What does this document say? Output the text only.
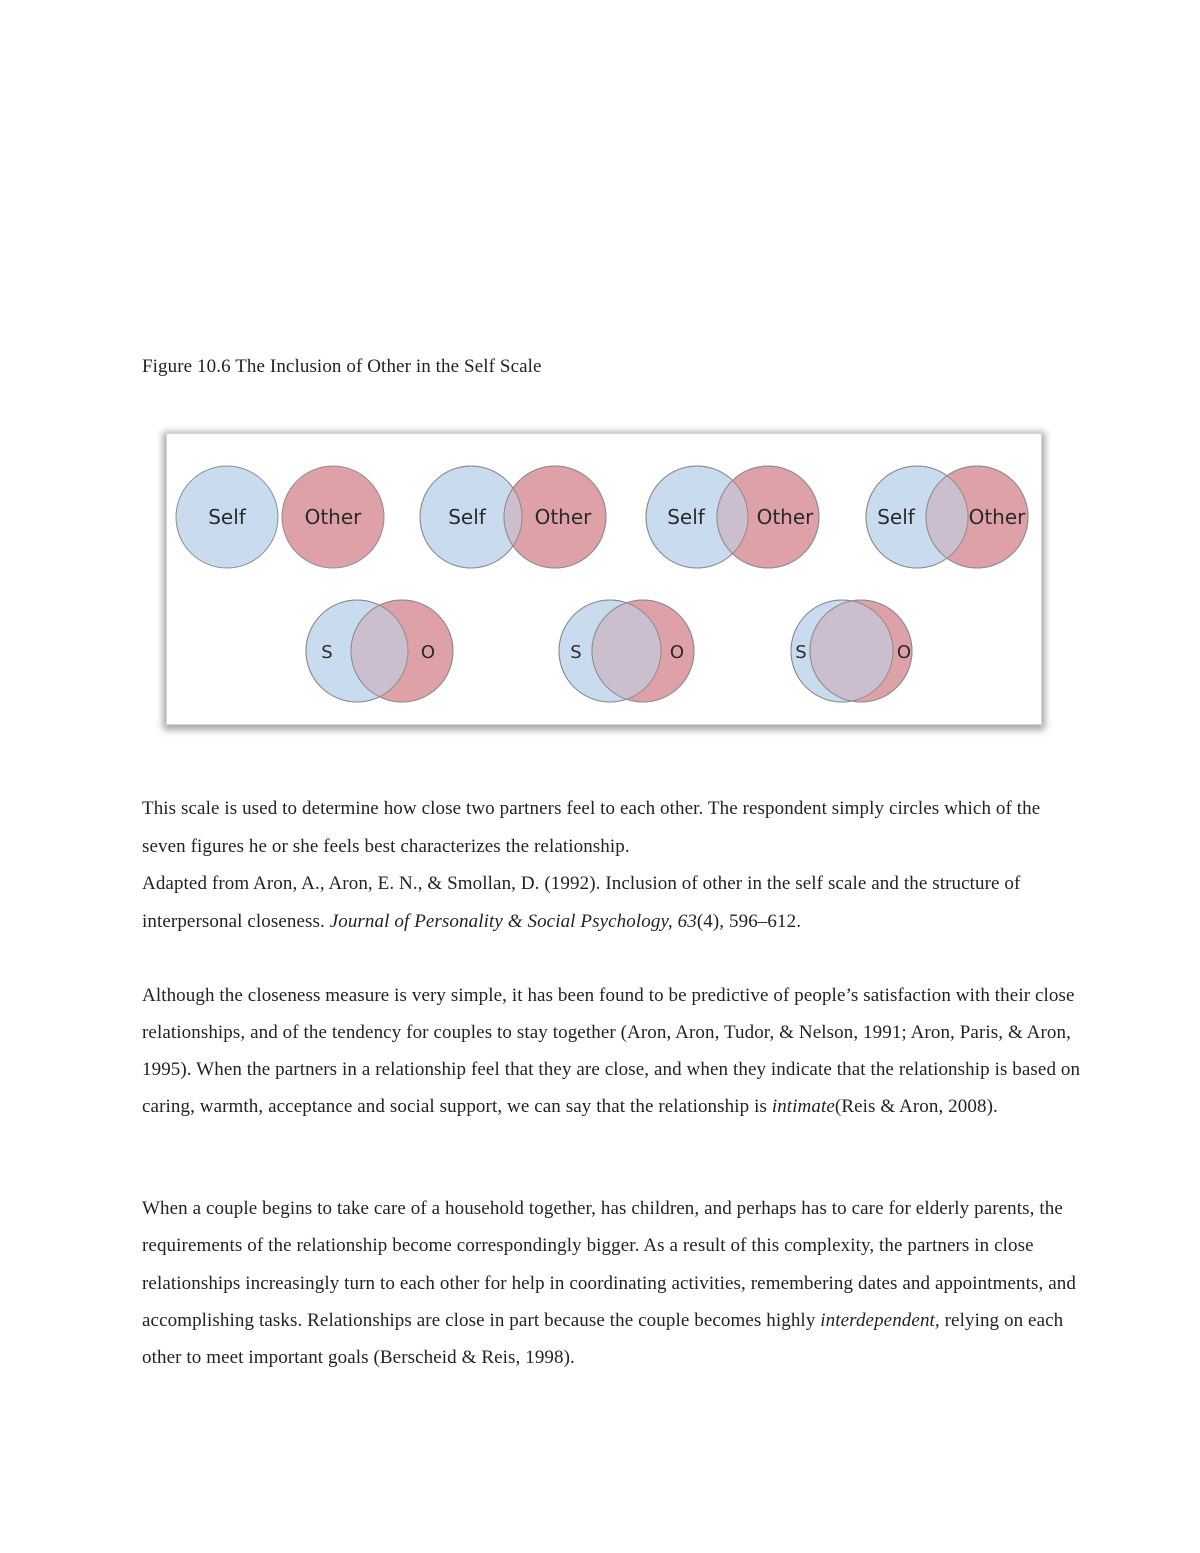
Figure 10.6 The Inclusion of Other in the Self Scale

Self	Other	Self Other	Self	Other	Self	Other
S	O	S	O	S	O

This scale is used to determine how close two partners feel to each other. The respondent simply circles which of the seven figures he or she feels best characterizes the relationship.

Adapted from Aron, A., Aron, E. N., & Smollan, D. (1992). Inclusion of other in the self scale and the structure of interpersonal closeness. Journal of Personality & Social Psychology, 63(4), 596–612.

Although the closeness measure is very simple, it has been found to be predictive of people’s satisfaction with their close relationships, and of the tendency for couples to stay together (Aron, Aron, Tudor, & Nelson, 1991; Aron, Paris, & Aron, 1995). When the partners in a relationship feel that they are close, and when they indicate that the relationship is based on caring, warmth, acceptance and social support, we can say that the relationship is intimate(Reis & Aron, 2008).

When a couple begins to take care of a household together, has children, and perhaps has to care for elderly parents, the requirements of the relationship become correspondingly bigger. As a result of this complexity, the partners in close relationships increasingly turn to each other for help in coordinating activities, remembering dates and appointments, and accomplishing tasks. Relationships are close in part because the couple becomes highly interdependent, relying on each other to meet important goals (Berscheid & Reis, 1998).
